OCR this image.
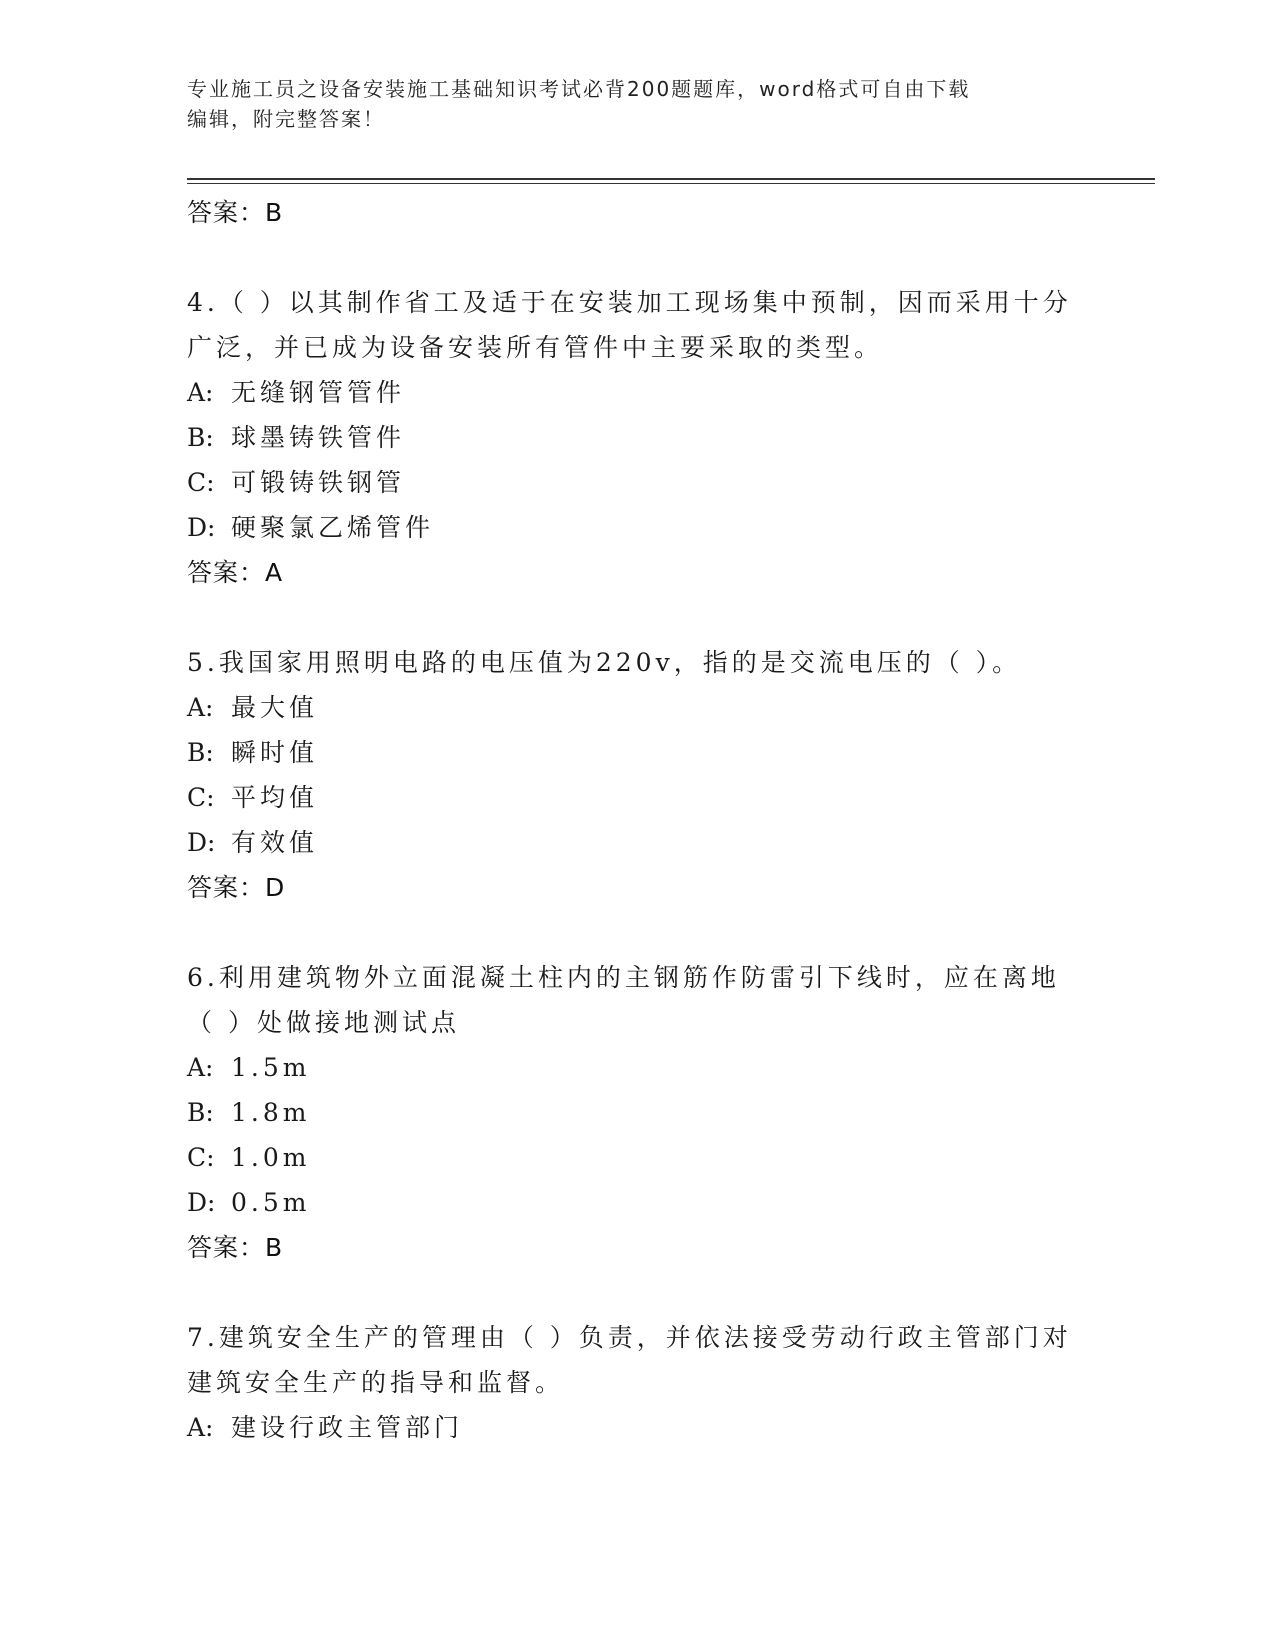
专业施工员之设备安装施工基础知识考试必背200题题库，word格式可自由下载
编辑，附完整答案！
答案：B
4.（ ）以其制作省工及适于在安装加工现场集中预制，因而采用十分
广泛，并已成为设备安装所有管件中主要采取的类型。
A: 无缝钢管管件
B: 球墨铸铁管件
C: 可锻铸铁钢管
D: 硬聚氯乙烯管件
答案：A
5.我国家用照明电路的电压值为220v，指的是交流电压的（ ）。
A: 最大值
B: 瞬时值
C: 平均值
D: 有效值
答案：D
6.利用建筑物外立面混凝土柱内的主钢筋作防雷引下线时，应在离地
（ ）处做接地测试点
A: 1.5m
B: 1.8m
C: 1.0m
D: 0.5m
答案：B
7.建筑安全生产的管理由（ ）负责，并依法接受劳动行政主管部门对
建筑安全生产的指导和监督。
A: 建设行政主管部门
